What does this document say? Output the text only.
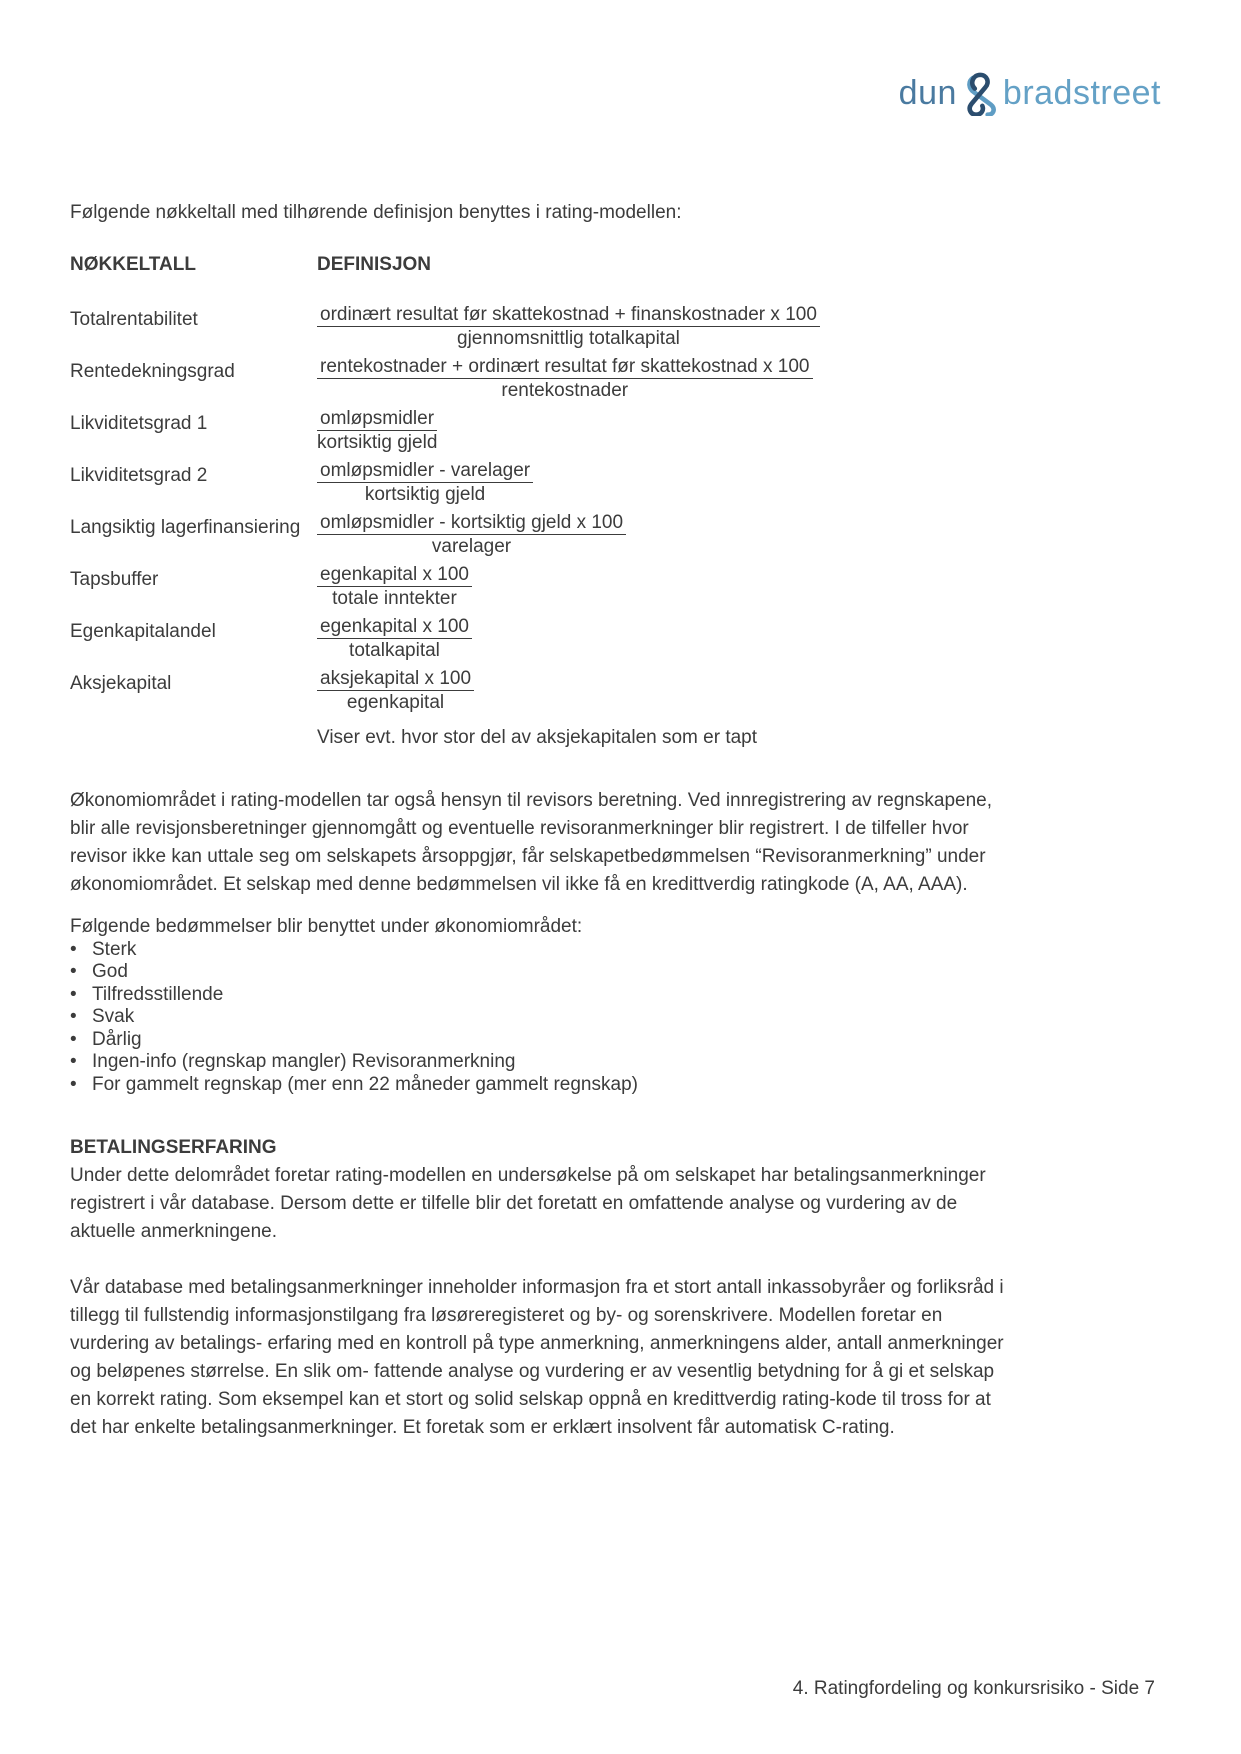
dun bradstreet

Følgende nøkkeltall med tilhørende definisjon benyttes i rating-modellen:

NØKKELTALL	DEFINISJON
Totalrentabilitet	$\frac{\text{ordinært resultat før skattekostnad + finanskostnader x 100}}{\text{gjennomsnittlig totalkapital}}$
Rentedekningsgrad	$\frac{\text{rentekostnader + ordinært resultat før skattekostnad x 100}}{\text{rentekostnader}}$
Likviditetsgrad 1	$\frac{\text{omløpsmidler}}{\text{kortsiktig gjeld}}$
Likviditetsgrad 2	$\frac{\text{omløpsmidler - varelager}}{\text{kortsiktig gjeld}}$
Langsiktig lagerfinansiering $\frac{\text{omløpsmidler - kortsiktig gjeld x 100}}{\text{varelager}}$
Tapsbuffer	$\frac{\text{egenkapital x 100}}{\text{totale inntekter}}$
Egenkapitalandel	$\frac{\text{egenkapital x 100}}{\text{totalkapital}}$
Aksjekapital	$\frac{\text{aksjekapital x 100}}{\text{egenkapital}}$
Viser evt. hvor stor del av aksjekapitalen som er tapt

Økonomiområdet i rating-modellen tar også hensyn til revisors beretning. Ved innregistrering av regnskapene, blir alle revisjonsberetninger gjennomgått og eventuelle revisoranmerkninger blir registrert. I de tilfeller hvor revisor ikke kan uttale seg om selskapets årsoppgjør, får selskapetbedømmelsen “Revisoranmerkning” under økonomiområdet. Et selskap med denne bedømmelsen vil ikke få en kredittverdig ratingkode (A, AA, AAA).

Følgende bedømmelser blir benyttet under økonomiområdet:

• Sterk
• God
• Tilfredsstillende
• Svak
• Dårlig
• Ingen-info (regnskap mangler) Revisoranmerkning
• For gammelt regnskap (mer enn 22 måneder gammelt regnskap)
BETALINGSERFARING

Under dette delområdet foretar rating-modellen en undersøkelse på om selskapet har betalingsanmerkninger registrert i vår database. Dersom dette er tilfelle blir det foretatt en omfattende analyse og vurdering av de aktuelle anmerkningene.

Vår database med betalingsanmerkninger inneholder informasjon fra et stort antall inkassobyråer og forliksråd i tillegg til fullstendig informasjonstilgang fra løsøreregisteret og by- og sorenskrivere. Modellen foretar en vurdering av betalings- erfaring med en kontroll på type anmerkning, anmerkningens alder, antall anmerkninger og beløpenes størrelse. En slik om- fattende analyse og vurdering er av vesentlig betydning for å gi et selskap en korrekt rating. Som eksempel kan et stort og solid selskap oppnå en kredittverdig rating-kode til tross for at det har enkelte betalingsanmerkninger. Et foretak som er erklært insolvent får automatisk C-rating.

4. Ratingfordeling og konkursrisiko - Side 7
